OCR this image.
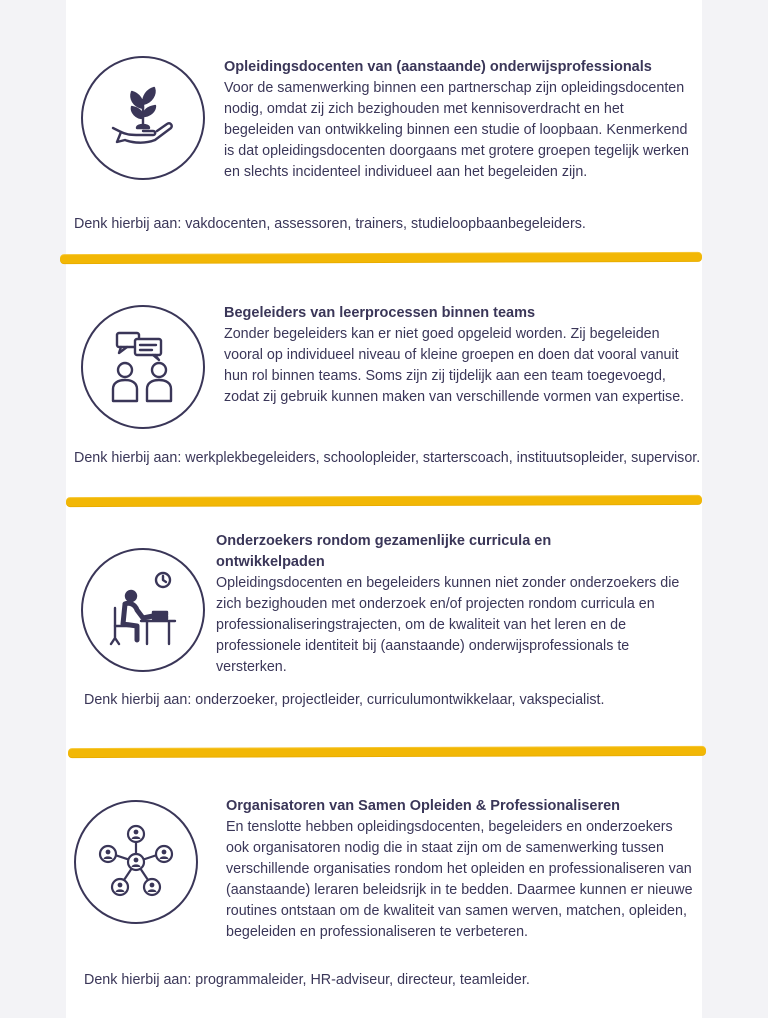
Opleidingsdocenten van (aanstaande) onderwijsprofessionals
Voor de samenwerking binnen een partnerschap zijn opleidingsdocenten nodig, omdat zij zich bezighouden met kennisoverdracht en het begeleiden van ontwikkeling binnen een studie of loopbaan. Kenmerkend is dat opleidingsdocenten doorgaans met grotere groepen tegelijk werken en slechts incidenteel individueel aan het begeleiden zijn.
Denk hierbij aan: vakdocenten, assessoren, trainers, studieloopbaanbegeleiders.
Begeleiders van leerprocessen binnen teams
Zonder begeleiders kan er niet goed opgeleid worden. Zij begeleiden vooral op individueel niveau of kleine groepen en doen dat vooral vanuit hun rol binnen teams. Soms zijn zij tijdelijk aan een team toegevoegd, zodat zij gebruik kunnen maken van verschillende vormen van expertise.
Denk hierbij aan: werkplekbegeleiders, schoolopleider, starterscoach, instituutsopleider, supervisor.
Onderzoekers rondom gezamenlijke curricula en ontwikkelpaden
Opleidingsdocenten en begeleiders kunnen niet zonder onderzoekers die zich bezighouden met onderzoek en/of projecten rondom curricula en professionaliseringstrajecten, om de kwaliteit van het leren en de professionele identiteit bij (aanstaande) onderwijsprofessionals te versterken.
Denk hierbij aan: onderzoeker, projectleider, curriculumontwikkelaar, vakspecialist.
Organisatoren van Samen Opleiden & Professionaliseren
En tenslotte hebben opleidingsdocenten, begeleiders en onderzoekers ook organisatoren nodig die in staat zijn om de samenwerking tussen verschillende organisaties rondom het opleiden en professionaliseren van (aanstaande) leraren beleidsrijk in te bedden. Daarmee kunnen er nieuwe routines ontstaan om de kwaliteit van samen werven, matchen, opleiden, begeleiden en professionaliseren te verbeteren.
Denk hierbij aan: programmaleider, HR-adviseur, directeur, teamleider.
